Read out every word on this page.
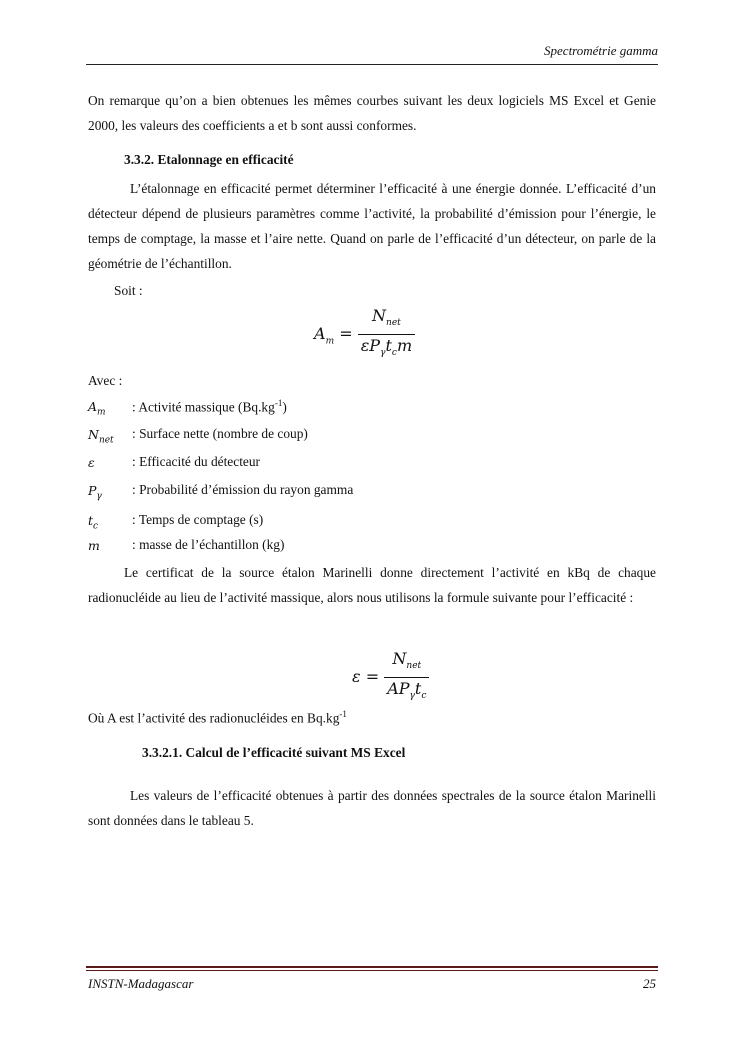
Spectrométrie gamma
On remarque qu’on a bien obtenues les mêmes courbes suivant les deux logiciels MS Excel et Genie 2000, les valeurs des coefficients a et b sont aussi conformes.
3.3.2. Etalonnage en efficacité
L’étalonnage en efficacité permet déterminer l’efficacité à une énergie donnée. L’efficacité d’un détecteur dépend de plusieurs paramètres comme l’activité, la probabilité d’émission pour l’énergie, le temps de comptage, la masse et l’aire nette. Quand on parle de l’efficacité d’un détecteur, on parle de la géométrie de l’échantillon.
Soit :
$A_m = \frac{N_{net}}{\varepsilon P_\gamma t_cm}$
Avec :
$A_m$ : Activité massique $(Bq.kg^{-1})$
$N_{net}$ : Surface nette (nombre de coup)
ε	: Efficacité du détecteur
$P_\gamma$ : Probabilité d’émission du rayon gamma
$t_c$	: Temps de comptage (s)
m : masse de l’échantillon (kg)
Le certificat de la source étalon Marinelli donne directement l’activité en kBq de chaque radionucléide au lieu de l’activité massique, alors nous utilisons la formule suivante pour l’efficacité :
$\varepsilon = \frac{N_{net}}{AP_\gamma t_c}$
Où A est l’activité des radionucléides en $Bq.kg^{-1}$
3.3.2.1. Calcul de l’efficacité suivant MS Excel
Les valeurs de l’efficacité obtenues à partir des données spectrales de la source étalon Marinelli sont données dans le tableau 5.
INSTN-Madagascar	25
